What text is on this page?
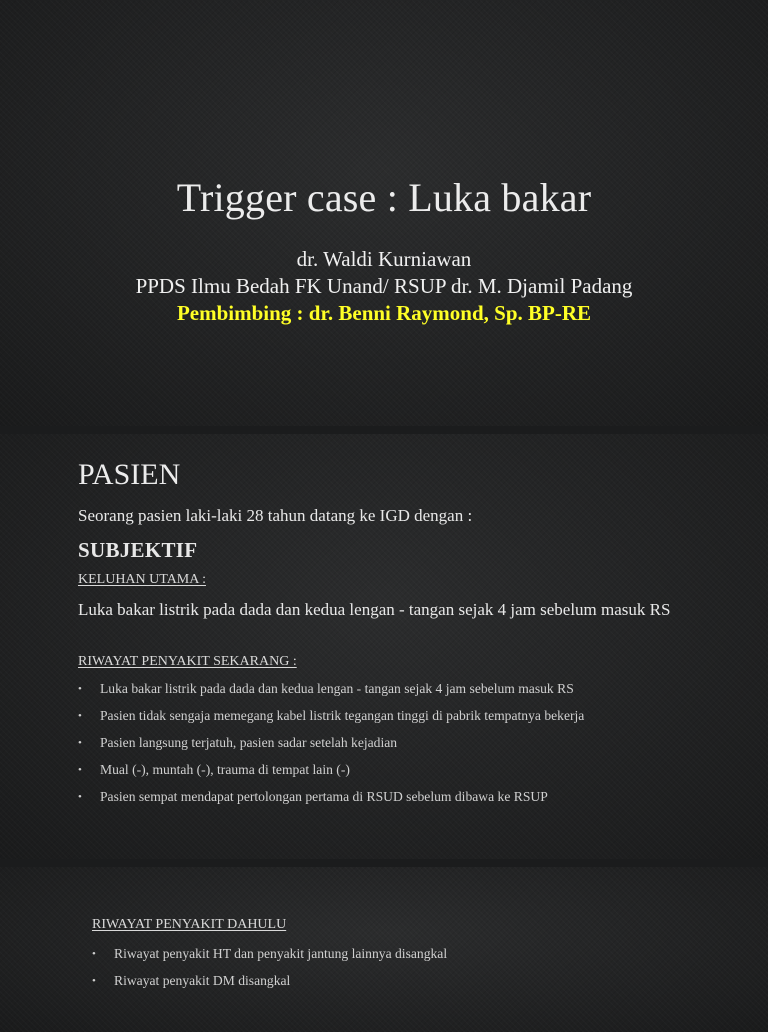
Trigger case : Luka bakar
dr. Waldi Kurniawan
PPDS Ilmu Bedah FK Unand/ RSUP dr. M. Djamil Padang
Pembimbing : dr. Benni Raymond, Sp. BP-RE
PASIEN
Seorang pasien laki-laki 28 tahun datang ke IGD dengan :
SUBJEKTIF
KELUHAN UTAMA :
Luka bakar listrik pada dada dan kedua lengan - tangan sejak 4 jam sebelum masuk RS
RIWAYAT PENYAKIT SEKARANG :
• Luka bakar listrik pada dada dan kedua lengan - tangan sejak 4 jam sebelum masuk RS
• Pasien tidak sengaja memegang kabel listrik tegangan tinggi di pabrik tempatnya bekerja
• Pasien langsung terjatuh, pasien sadar setelah kejadian
• Mual (-), muntah (-), trauma di tempat lain (-)
• Pasien sempat mendapat pertolongan pertama di RSUD sebelum dibawa ke RSUP
RIWAYAT PENYAKIT DAHULU
• Riwayat penyakit HT dan penyakit jantung lainnya disangkal
• Riwayat penyakit DM disangkal
